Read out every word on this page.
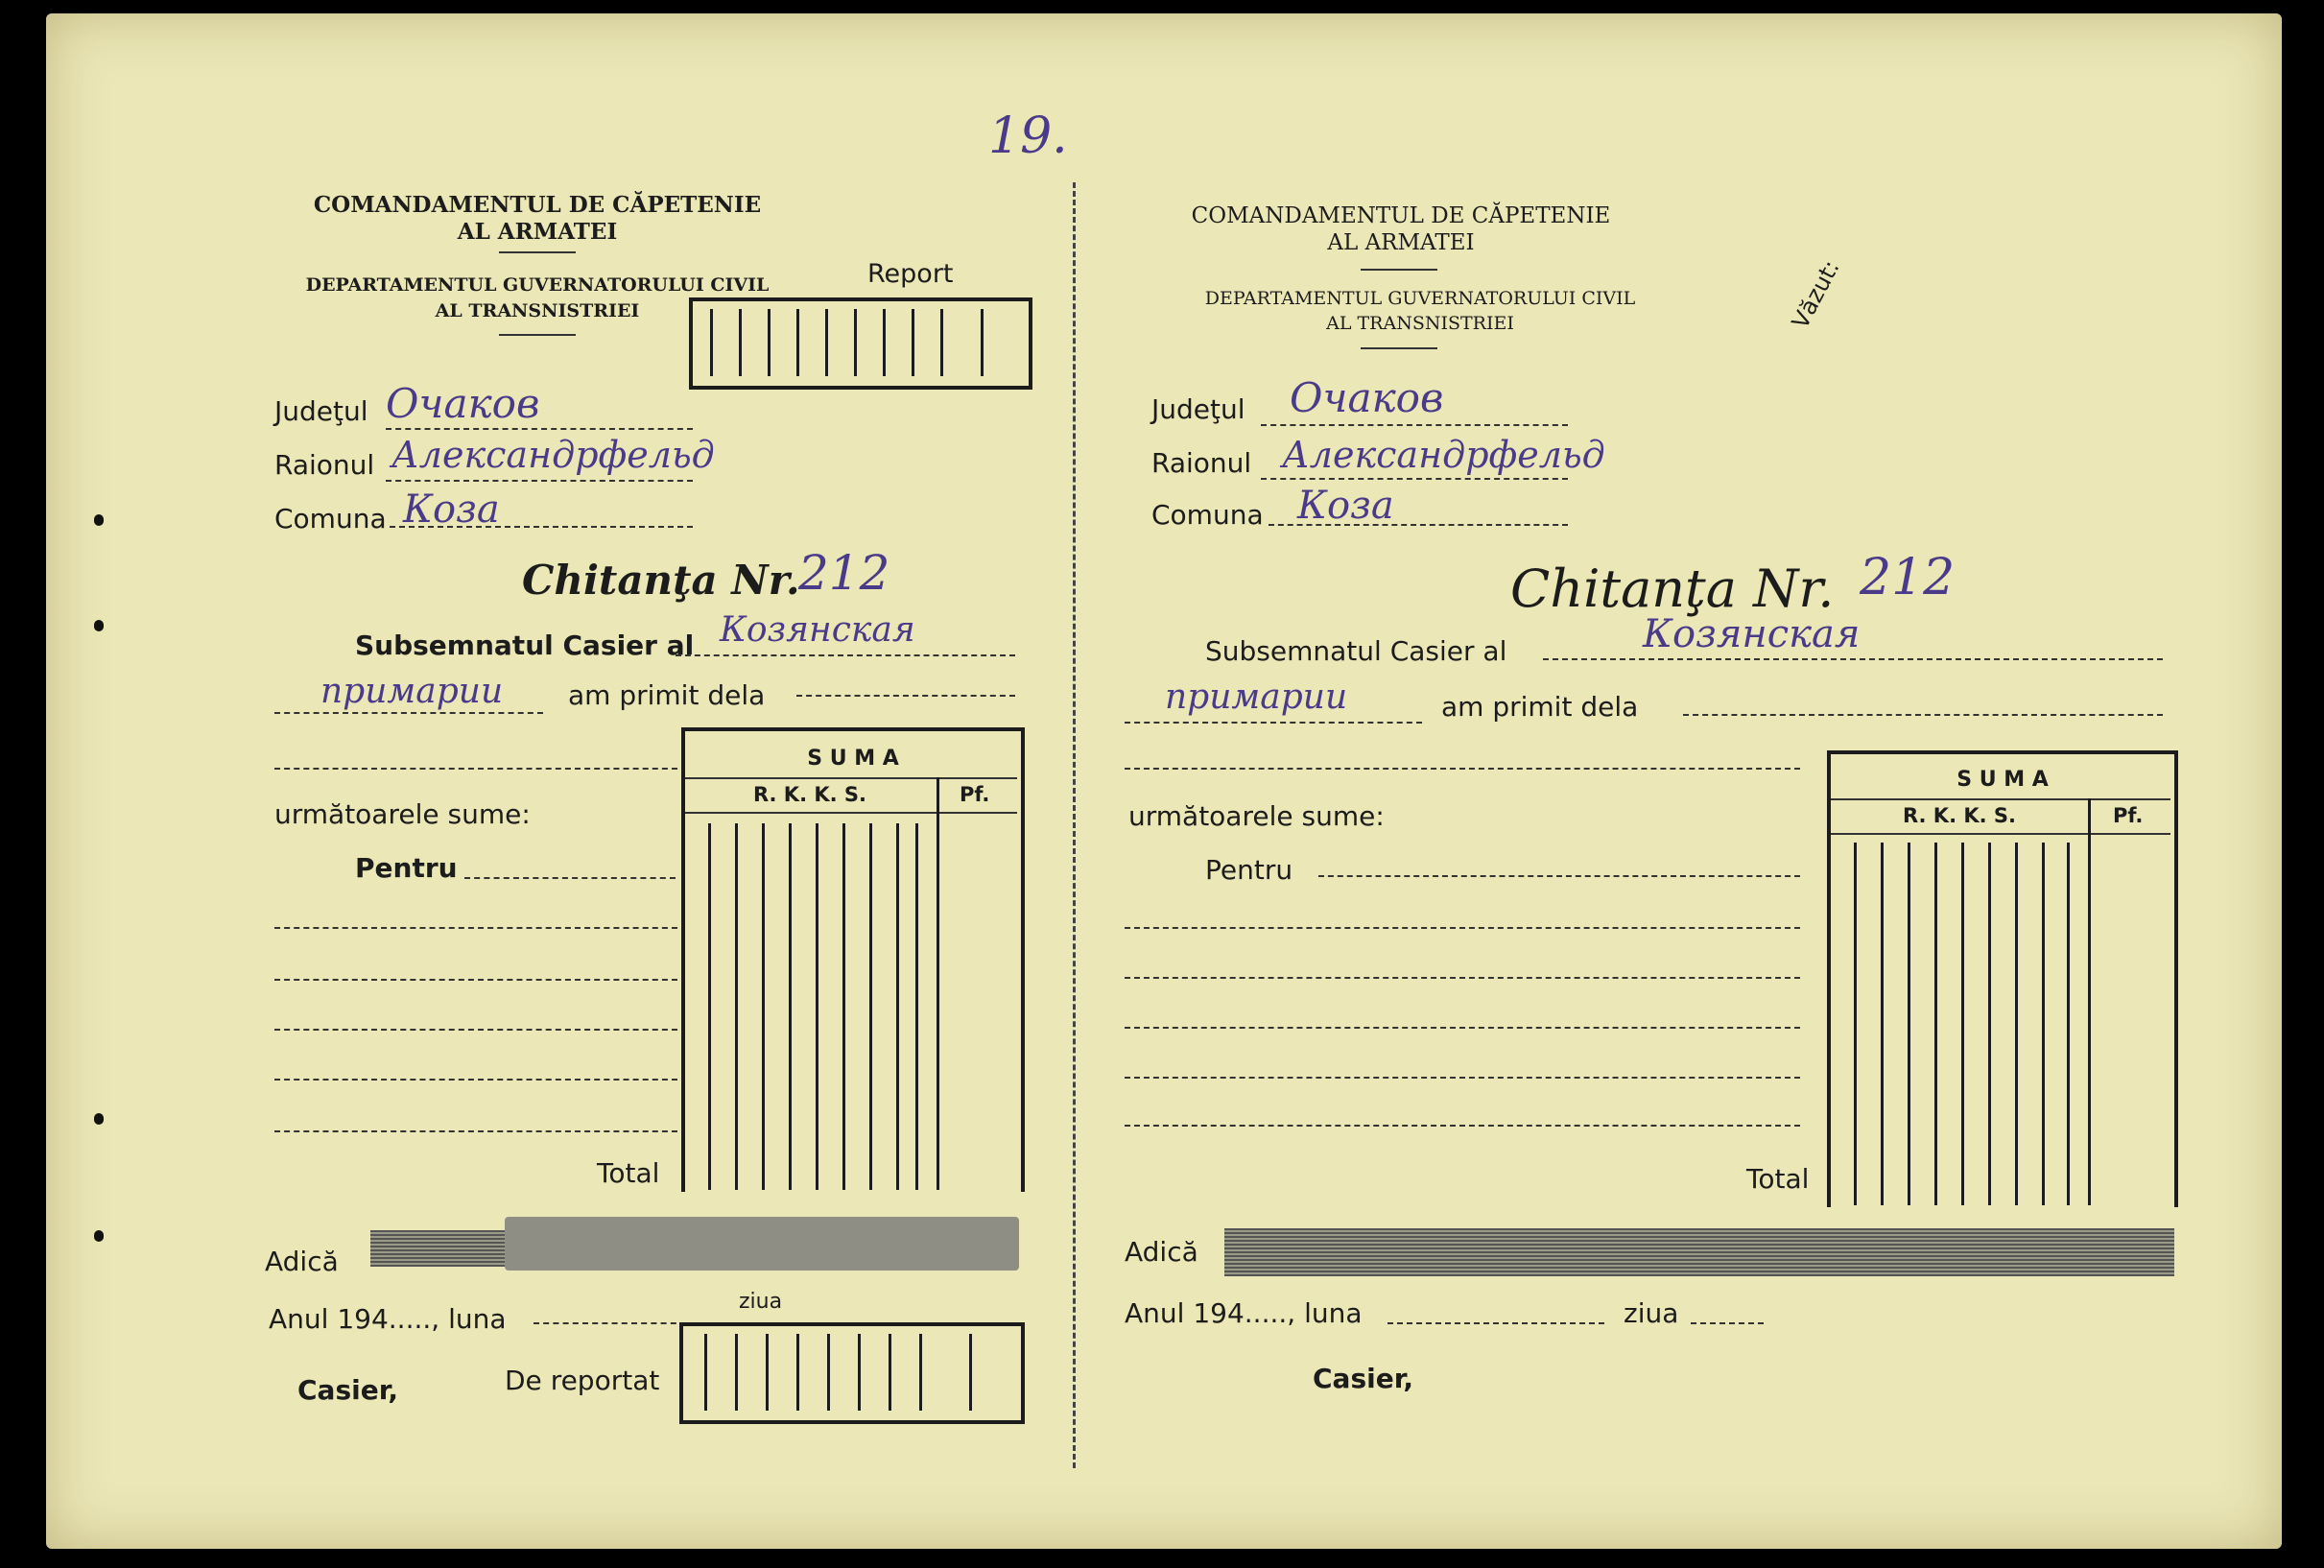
19.
COMANDAMENTUL DE CĂPETENIE
AL ARMATEI
DEPARTAMENTUL GUVERNATORULUI CIVIL
AL TRANSNISTRIEI
Report
Judeţul Очаков
Raionul Александрфельд
Comuna Коза
Chitanţa Nr.
212
Subsemnatul Casier al Козянская
примарии am primit dela
următoarele sume:
Pentru
Total
S U M A
R. K. K. S.	Pf.
Adică
Anul 194....., luna
ziua
Casier,	De reportat
COMANDAMENTUL DE CĂPETENIE
AL ARMATEI
DEPARTAMENTUL GUVERNATORULUI CIVIL
AL TRANSNISTRIEI	Văzut:
Judeţul Очаков
Raionul Александрфельд
Comuna Коза
Chitanţa Nr. 212
Subsemnatul Casier al	Козянская
примарии	am primit dela
următoarele sume:
Pentru
Total
S U M A
R. K. K. S.	Pf.
Adică
Anul 194....., luna	ziua
Casier,
